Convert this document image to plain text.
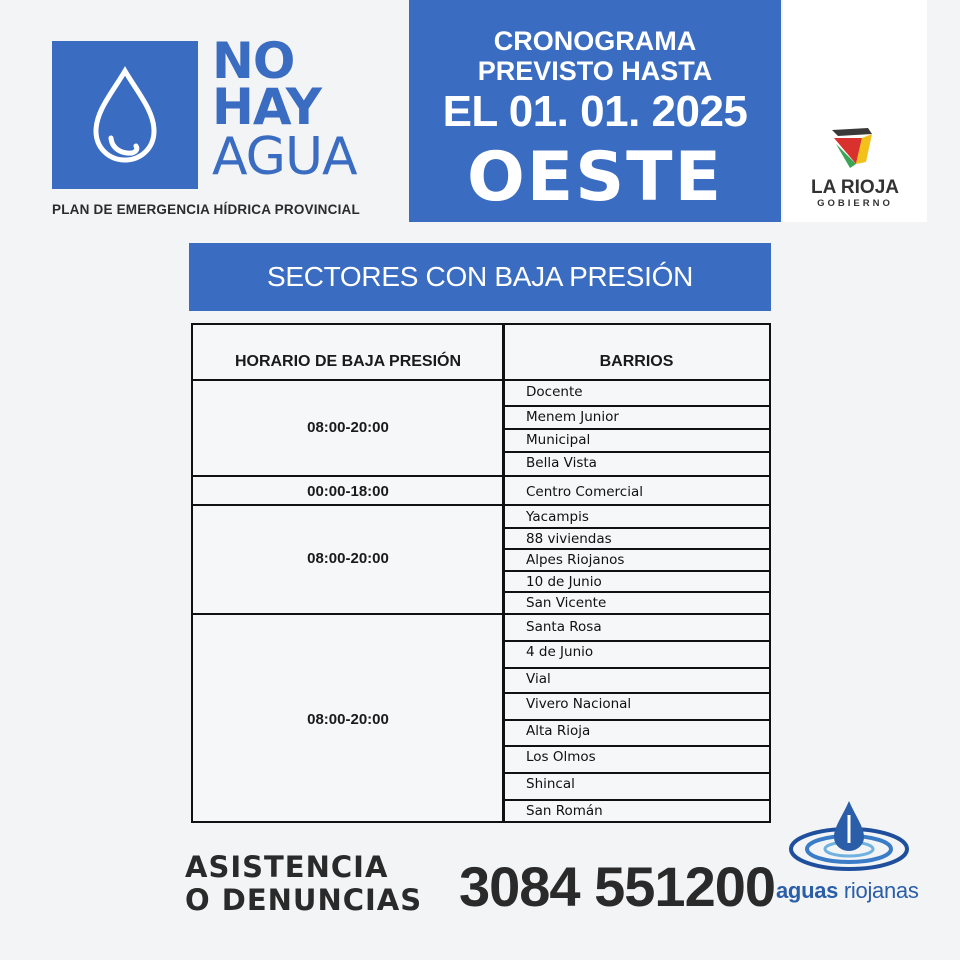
NO
HAY
AGUA
PLAN DE EMERGENCIA HÍDRICA PROVINCIAL
CRONOGRAMA
PREVISTO HASTA
EL 01. 01. 2025
OESTE	LA RIOJA
GOBIERNO
SECTORES CON BAJA PRESIÓN
HORARIO DE BAJA PRESIÓN	BARRIOS
08:00-20:00
Docente
Menem Junior
Municipal
Bella Vista
00:00-18:00	Centro Comercial
08:00-20:00
Yacampis
88 viviendas
Alpes Riojanos
10 de Junio
San Vicente
08:00-20:00
Santa Rosa
4 de Junio
Vial
Vivero Nacional
Alta Rioja
Los Olmos
Shincal
San Román
ASISTENCIA
O DENUNCIAS 3084 551200 aguas riojanas
